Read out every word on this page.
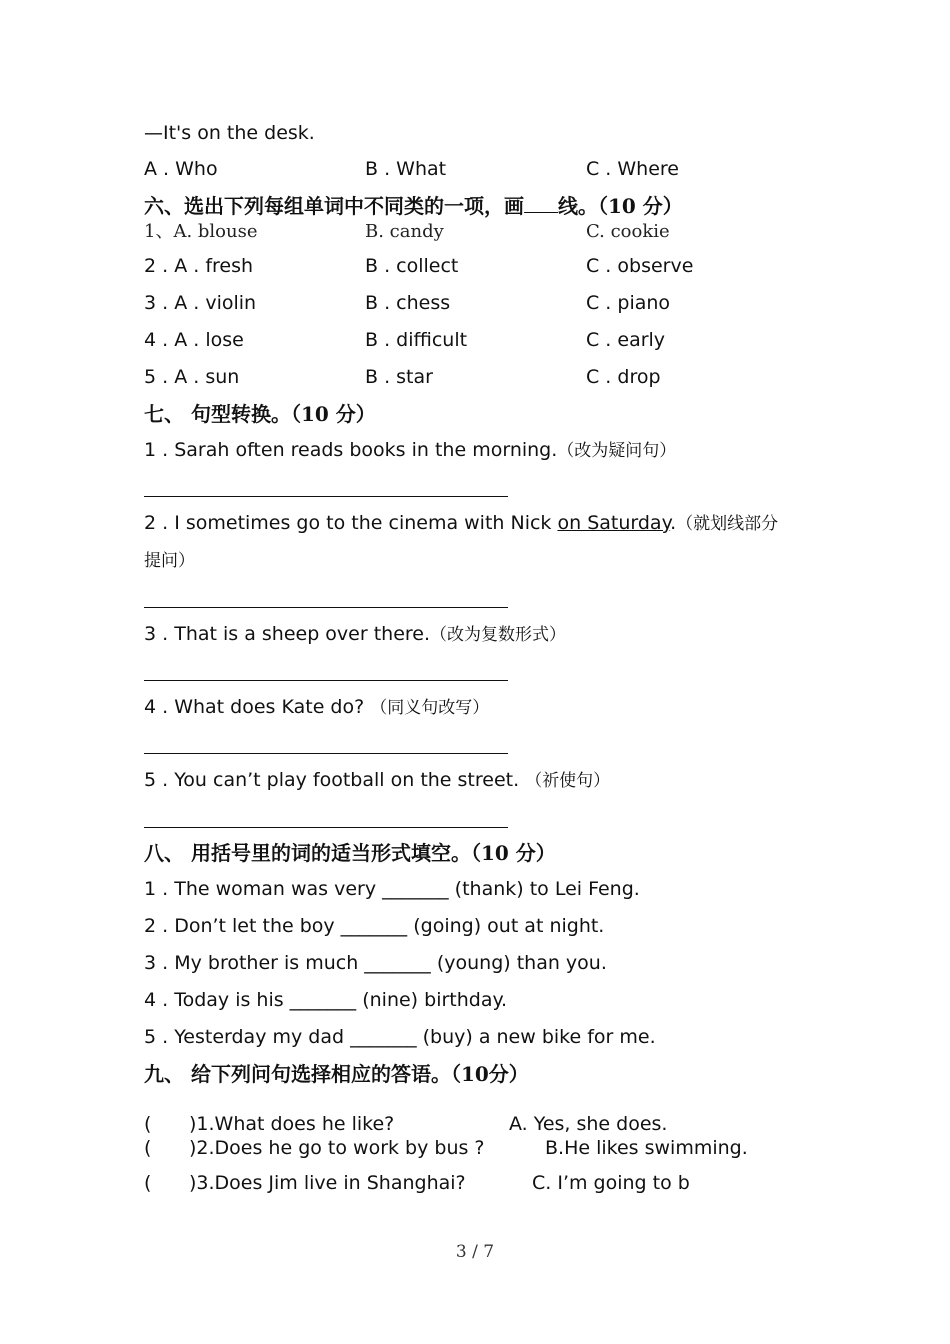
—It's on the desk.
A . Who	B . What	C . Where
六、选出下列每组单词中不同类的一项，画 线。（10 分）
1、A. blouse	B. candy	C. cookie
2 . A . fresh	B . collect	C . observe
3 . A . violin	B . chess	C . piano
4 . A . lose	B . difficult	C . early
5 . A . sun	B . star	C . drop
七、 句型转换。（10 分）
1 . Sarah often reads books in the morning.（改为疑问句）
2 . I sometimes go to the cinema with Nick on Saturday.（就划线部分
提问）
3 . That is a sheep over there.（改为复数形式）
4 . What does Kate do? （同义句改写）
5 . You can’t play football on the street. （祈使句）
八、 用括号里的词的适当形式填空。（10 分）
1 . The woman was very _______ (thank) to Lei Feng.
2 . Don’t let the boy _______ (going) out at night.
3 . My brother is much _______ (young) than you.
4 . Today is his _______ (nine) birthday.
5 . Yesterday my dad _______ (buy) a new bike for me.
九、 给下列问句选择相应的答语。（10分）
( )1.What does he like?	A. Yes, she does.
( )2.Does he go to work by bus ?	B.He likes swimming.
( )3.Does Jim live in Shanghai?	C. I’m going to b
3 / 7
